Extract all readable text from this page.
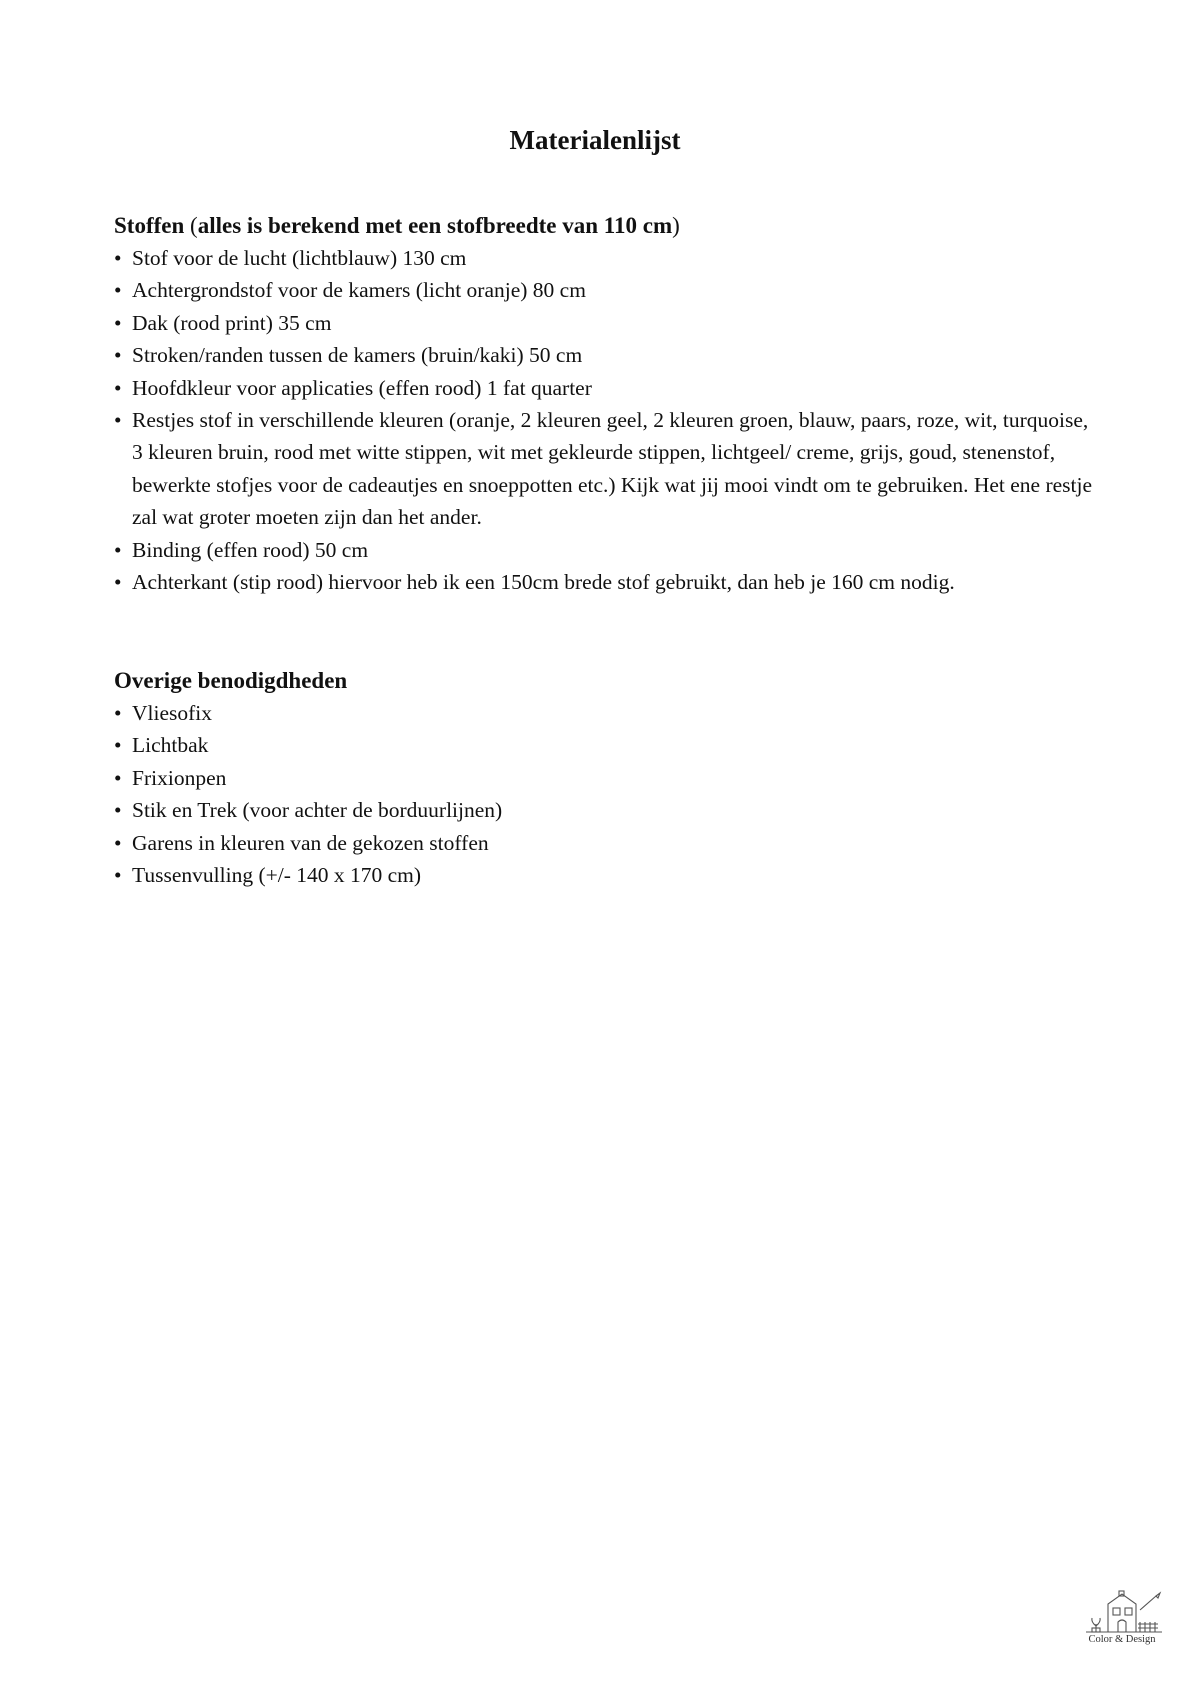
Materialenlijst

Stoffen (alles is berekend met een stofbreedte van 110 cm)

• Stof voor de lucht (lichtblauw) 130 cm
• Achtergrondstof voor de kamers (licht oranje) 80 cm
• Dak (rood print) 35 cm
• Stroken/randen tussen de kamers (bruin/kaki) 50 cm
• Hoofdkleur voor applicaties (effen rood) 1 fat quarter
• Restjes stof in verschillende kleuren (oranje, 2 kleuren geel, 2 kleuren groen, blauw, paars, roze, wit, turquoise, 3 kleuren bruin, rood met witte stippen, wit met gekleurde stippen, lichtgeel/ creme, grijs, goud, stenenstof, bewerkte stofjes voor de cadeautjes en snoeppotten etc.) Kijk wat jij mooi vindt om te gebruiken. Het ene restje zal wat groter moeten zijn dan het ander.
• Binding (effen rood) 50 cm
• Achterkant (stip rood) hiervoor heb ik een 150cm brede stof gebruikt, dan heb je 160 cm nodig.

Overige benodigdheden

• Vliesofix
• Lichtbak
• Frixionpen
• Stik en Trek (voor achter de borduurlijnen)
• Garens in kleuren van de gekozen stoffen
• Tussenvulling (+/- 140 x 170 cm)
Color & Design
